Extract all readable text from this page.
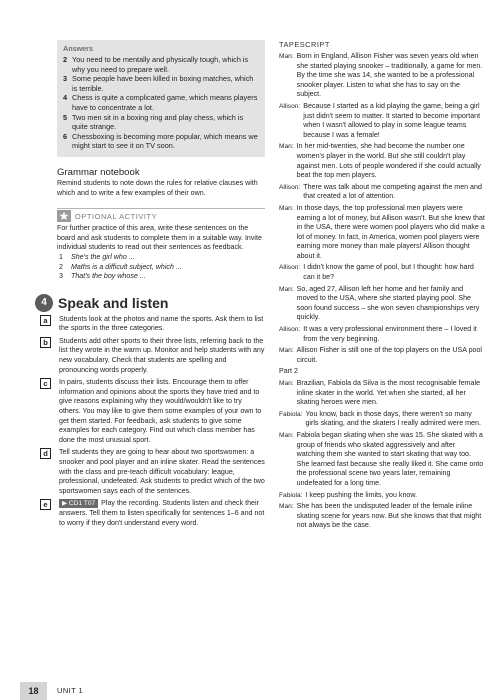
Answers
2 You need to be mentally and physically tough, which is why you need to prepare well.
3 Some people have been killed in boxing matches, which is terrible.
4 Chess is quite a complicated game, which means players have to concentrate a lot.
5 Two men sit in a boxing ring and play chess, which is quite strange.
6 Chessboxing is becoming more popular, which means we might start to see it on TV soon.
Grammar notebook
Remind students to note down the rules for relative clauses with which and to write a few examples of their own.
OPTIONAL ACTIVITY
For further practice of this area, write these sentences on the board and ask students to complete them in a suitable way. Invite individual students to read out their sentences as feedback.
1	She's the girl who ...
2	Maths is a difficult subject, which ...
3	That's the boy whose ...
4 Speak and listen
a	Students look at the photos and name the sports. Ask them to list the sports in the three categories.
b	Students add other sports to their three lists, referring back to the list they wrote in the warm up. Monitor and help students with any new vocabulary. Check that students are spelling and pronouncing words properly.
c	In pairs, students discuss their lists. Encourage them to offer information and opinions about the sports they have tried and to give reasons explaining why they would/wouldn't like to try others. You may like to give them some examples of your own to get them started. For feedback, ask students to give some examples for each category. Find out which class member has done the most unusual sport.
d	Tell students they are going to hear about two sportswomen: a snooker and pool player and an inline skater. Read the sentences with the class and pre-teach difficult vocabulary: league, professional, undefeated. Ask students to predict which of the two sportswomen says each of the sentences.
e	▶ CD1 T07 Play the recording. Students listen and check their answers. Tell them to listen specifically for sentences 1–6 and not to worry if they don't understand every word.
TAPESCRIPT
Man: Born in England, Allison Fisher was seven years old when she started playing snooker – traditionally, a game for men. By the time she was 14, she wanted to be a professional snooker player. Listen to what she has to say on the subject.
Allison: Because I started as a kid playing the game, being a girl just didn't seem to matter. It started to become important when I wasn't allowed to play in some league teams because I was a female!
Man: In her mid-twenties, she had become the number one women's player in the world. But she still couldn't play against men. Lots of people wondered if she could actually beat the top men players.
Allison: There was talk about me competing against the men and that created a lot of attention.
Man: In those days, the top professional men players were earning a lot of money, but Allison wasn't. But she knew that in the USA, there were women pool players who did make a lot of money. In fact, in America, women pool players were earning more money than male players! Allison thought about it.
Allison: I didn't know the game of pool, but I thought: how hard can it be?
Man: So, aged 27, Allison left her home and her family and moved to the USA, where she started playing pool. She soon found success – she won seven championships very quickly.
Allison: It was a very professional environment there – I loved it from the very beginning.
Man: Allison Fisher is still one of the top players on the USA pool circuit.
Part 2
Man: Brazilian, Fabiola da Silva is the most recognisable female inline skater in the world. Yet when she started, all her skating heroes were men.
Fabiola: You know, back in those days, there weren't so many girls skating, and the skaters I really admired were men.
Man: Fabiola began skating when she was 15. She skated with a group of friends who skated aggressively and after watching them she wanted to start skating that way too. She learned fast because she really liked it. She came onto the professional scene two years later, remaining undefeated for a long time.
Fabiola: I keep pushing the limits, you know.
Man: She has been the undisputed leader of the female inline skating scene for years now. But she knows that that might not always be the case.
18	UNIT 1
